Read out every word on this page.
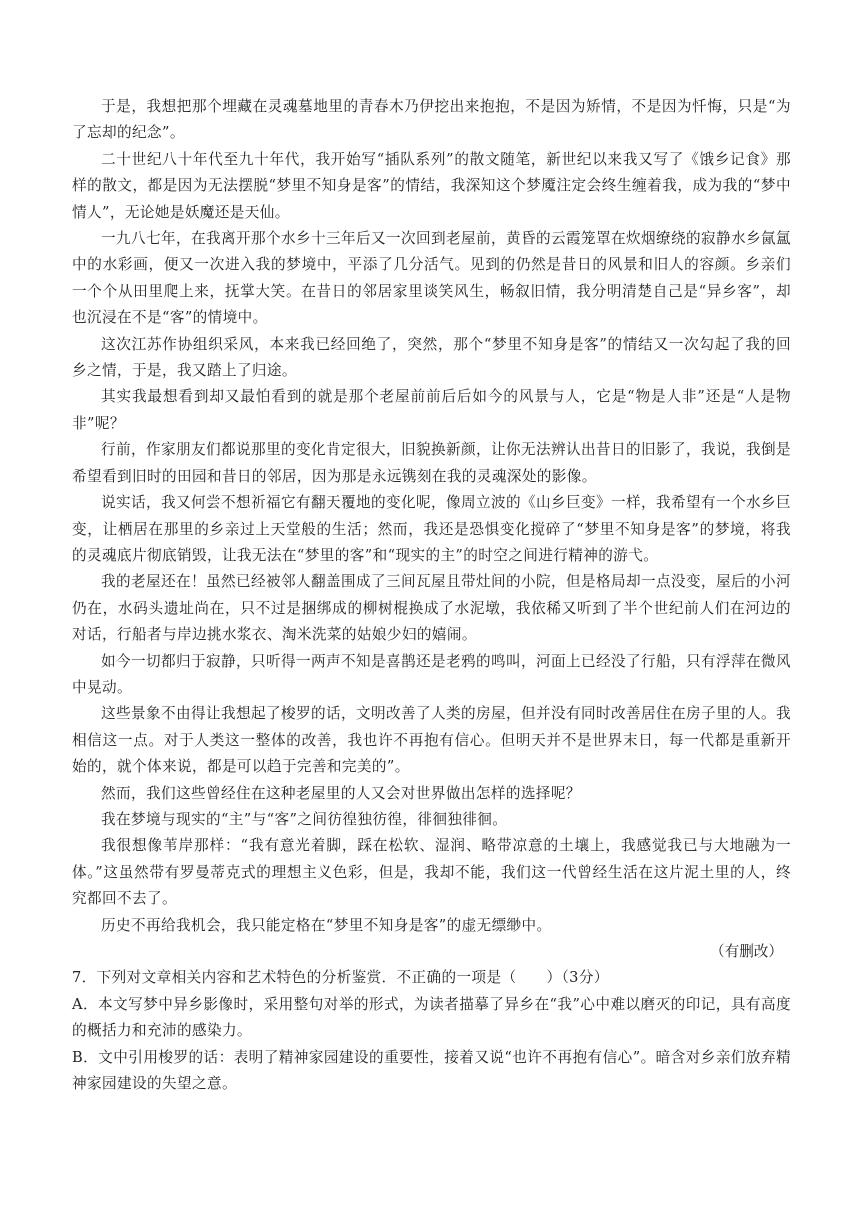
于是，我想把那个埋藏在灵魂墓地里的青春木乃伊挖出来抱抱，不是因为矫情，不是因为忏悔，只是“为了忘却的纪念”。

二十世纪八十年代至九十年代，我开始写“插队系列”的散文随笔，新世纪以来我又写了《饿乡记食》那样的散文，都是因为无法摆脱“梦里不知身是客”的情结，我深知这个梦魇注定会终生缠着我，成为我的“梦中情人”，无论她是妖魔还是天仙。

一九八七年，在我离开那个水乡十三年后又一次回到老屋前，黄昏的云霞笼罩在炊烟缭绕的寂静水乡氤氲中的水彩画，便又一次进入我的梦境中，平添了几分活气。见到的仍然是昔日的风景和旧人的容颜。乡亲们一个个从田里爬上来，抚掌大笑。在昔日的邻居家里谈笑风生，畅叙旧情，我分明清楚自己是“异乡客”，却也沉浸在不是“客”的情境中。

这次江苏作协组织采风，本来我已经回绝了，突然，那个“梦里不知身是客”的情结又一次勾起了我的回乡之情，于是，我又踏上了归途。

其实我最想看到却又最怕看到的就是那个老屋前前后后如今的风景与人，它是“物是人非”还是“人是物非”呢？

行前，作家朋友们都说那里的变化肯定很大，旧貌换新颜，让你无法辨认出昔日的旧影了，我说，我倒是希望看到旧时的田园和昔日的邻居，因为那是永远镌刻在我的灵魂深处的影像。

说实话，我又何尝不想祈福它有翻天覆地的变化呢，像周立波的《山乡巨变》一样，我希望有一个水乡巨变，让栖居在那里的乡亲过上天堂般的生活；然而，我还是恐惧变化搅碎了“梦里不知身是客”的梦境，将我的灵魂底片彻底销毁，让我无法在“梦里的客”和“现实的主”的时空之间进行精神的游弋。

我的老屋还在！虽然已经被邻人翻盖围成了三间瓦屋且带灶间的小院，但是格局却一点没变，屋后的小河仍在，水码头遗址尚在，只不过是捆绑成的柳树棍换成了水泥墩，我依稀又听到了半个世纪前人们在河边的对话，行船者与岸边挑水浆衣、淘米洗菜的姑娘少妇的嬉闹。

如今一切都归于寂静，只听得一两声不知是喜鹊还是老鸦的鸣叫，河面上已经没了行船，只有浮萍在微风中晃动。

这些景象不由得让我想起了梭罗的话，文明改善了人类的房屋，但并没有同时改善居住在房子里的人。我相信这一点。对于人类这一整体的改善，我也许不再抱有信心。但明天并不是世界末日，每一代都是重新开始的，就个体来说，都是可以趋于完善和完美的”。

然而，我们这些曾经住在这种老屋里的人又会对世界做出怎样的选择呢？

我在梦境与现实的“主”与“客”之间彷徨独彷徨，徘徊独徘徊。

我很想像苇岸那样：“我有意光着脚，踩在松软、湿润、略带凉意的土壤上，我感觉我已与大地融为一体。”这虽然带有罗曼蒂克式的理想主义色彩，但是，我却不能，我们这一代曾经生活在这片泥土里的人，终究都回不去了。

历史不再给我机会，我只能定格在“梦里不知身是客”的虚无缥缈中。

（有删改）

7．下列对文章相关内容和艺术特色的分析鉴赏．不正确的一项是（　　）（3分）

A．本文写梦中异乡影像时，采用整句对举的形式，为读者描摹了异乡在“我”心中难以磨灭的印记，具有高度的概括力和充沛的感染力。

B．文中引用梭罗的话：表明了精神家园建设的重要性，接着又说“也许不再抱有信心”。暗含对乡亲们放弃精神家园建设的失望之意。
